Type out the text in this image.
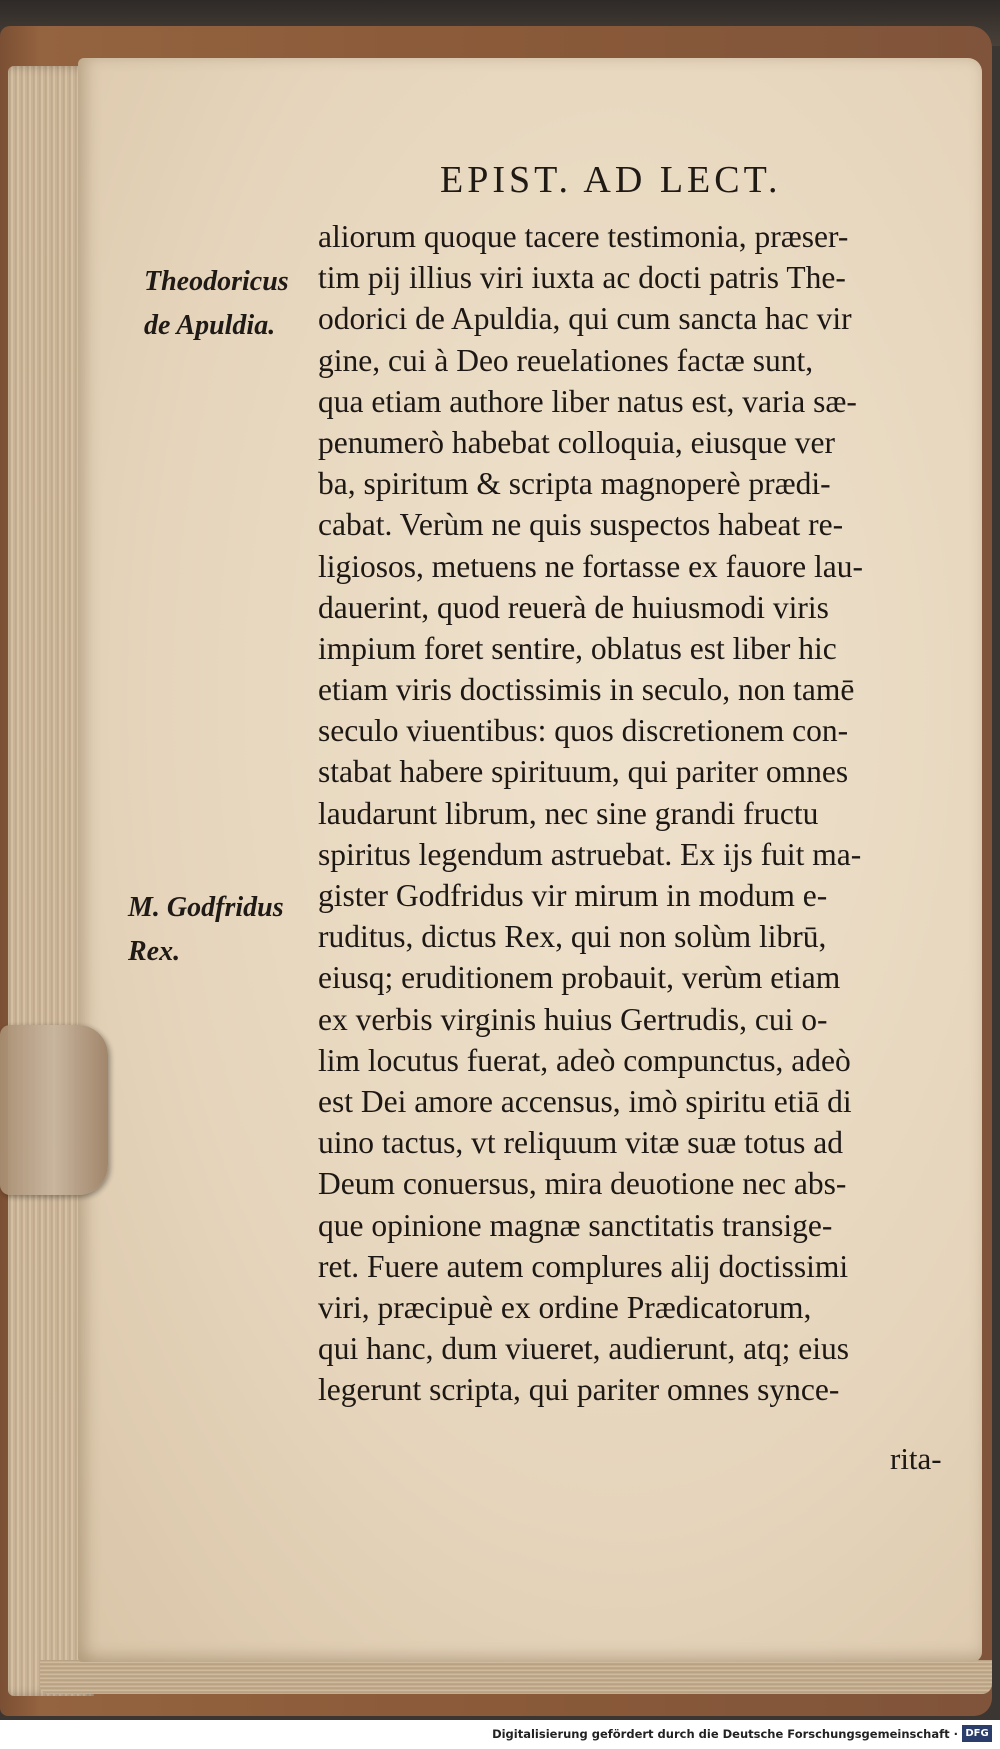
EPIST. AD LECT.
Theodoricus
de Apuldia.
M. Godfridus
Rex.
aliorum quoque tacere testimonia, præser-
tim pij illius viri iuxta ac docti patris The-
odorici de Apuldia, qui cum sancta hac vir
gine, cui à Deo reuelationes factæ sunt,
qua etiam authore liber natus est, varia sæ-
penumerò habebat colloquia, eiusque ver
ba, spiritum & scripta magnoperè prædi-
cabat. Verùm ne quis suspectos habeat re-
ligiosos, metuens ne fortasse ex fauore lau-
dauerint, quod reuerà de huiusmodi viris
impium foret sentire, oblatus est liber hic
etiam viris doctissimis in seculo, non tamē
seculo viuentibus: quos discretionem con-
stabat habere spirituum, qui pariter omnes
laudarunt librum, nec sine grandi fructu
spiritus legendum astruebat. Ex ijs fuit ma-
gister Godfridus vir mirum in modum e-
ruditus, dictus Rex, qui non solùm librū,
eiusq; eruditionem probauit, verùm etiam
ex verbis virginis huius Gertrudis, cui o-
lim locutus fuerat, adeò compunctus, adeò
est Dei amore accensus, imò spiritu etiā di
uino tactus, vt reliquum vitæ suæ totus ad
Deum conuersus, mira deuotione nec abs-
que opinione magnæ sanctitatis transige-
ret. Fuere autem complures alij doctissimi
viri, præcipuè ex ordine Prædicatorum,
qui hanc, dum viueret, audierunt, atq; eius
legerunt scripta, qui pariter omnes synce-
rita-
Digitalisierung gefördert durch die Deutsche Forschungsgemeinschaft · DFG
